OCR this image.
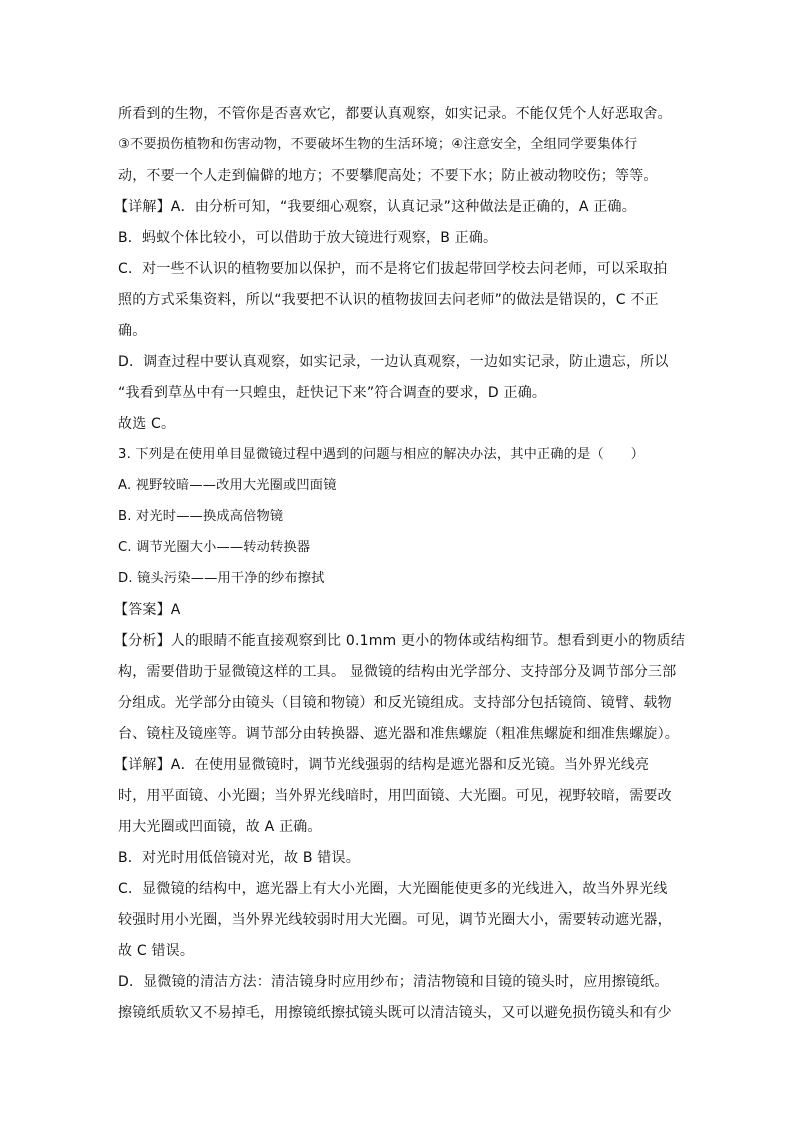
所看到的生物，不管你是否喜欢它，都要认真观察，如实记录。不能仅凭个人好恶取舍。
③不要损伤植物和伤害动物，不要破坏生物的生活环境；④注意安全，全组同学要集体行
动，不要一个人走到偏僻的地方；不要攀爬高处；不要下水；防止被动物咬伤；等等。
【详解】A．由分析可知，“我要细心观察，认真记录”这种做法是正确的，A 正确。
B．蚂蚁个体比较小，可以借助于放大镜进行观察，B 正确。
C．对一些不认识的植物要加以保护，而不是将它们拔起带回学校去问老师，可以采取拍
照的方式采集资料，所以“我要把不认识的植物拔回去问老师”的做法是错误的，C 不正
确。
D．调查过程中要认真观察，如实记录，一边认真观察，一边如实记录，防止遗忘，所以
“我看到草丛中有一只蝗虫，赶快记下来”符合调查的要求，D 正确。
故选 C。
3. 下列是在使用单目显微镜过程中遇到的问题与相应的解决办法，其中正确的是（　　）
A. 视野较暗——改用大光圈或凹面镜
B. 对光时——换成高倍物镜
C. 调节光圈大小——转动转换器
D. 镜头污染——用干净的纱布擦拭
【答案】A
【分析】人的眼睛不能直接观察到比 0.1mm 更小的物体或结构细节。想看到更小的物质结
构，需要借助于显微镜这样的工具。 显微镜的结构由光学部分、支持部分及调节部分三部
分组成。光学部分由镜头（目镜和物镜）和反光镜组成。支持部分包括镜筒、镜臂、载物
台、镜柱及镜座等。调节部分由转换器、遮光器和准焦螺旋（粗准焦螺旋和细准焦螺旋）。
【详解】A．在使用显微镜时，调节光线强弱的结构是遮光器和反光镜。当外界光线亮
时，用平面镜、小光圈；当外界光线暗时，用凹面镜、大光圈。可见，视野较暗，需要改
用大光圈或凹面镜，故 A 正确。
B．对光时用低倍镜对光，故 B 错误。
C．显微镜的结构中，遮光器上有大小光圈，大光圈能使更多的光线进入，故当外界光线
较强时用小光圈，当外界光线较弱时用大光圈。可见，调节光圈大小，需要转动遮光器，
故 C 错误。
D．显微镜的清洁方法：清洁镜身时应用纱布；清洁物镜和目镜的镜头时，应用擦镜纸。
擦镜纸质软又不易掉毛，用擦镜纸擦拭镜头既可以清洁镜头，又可以避免损伤镜头和有少
